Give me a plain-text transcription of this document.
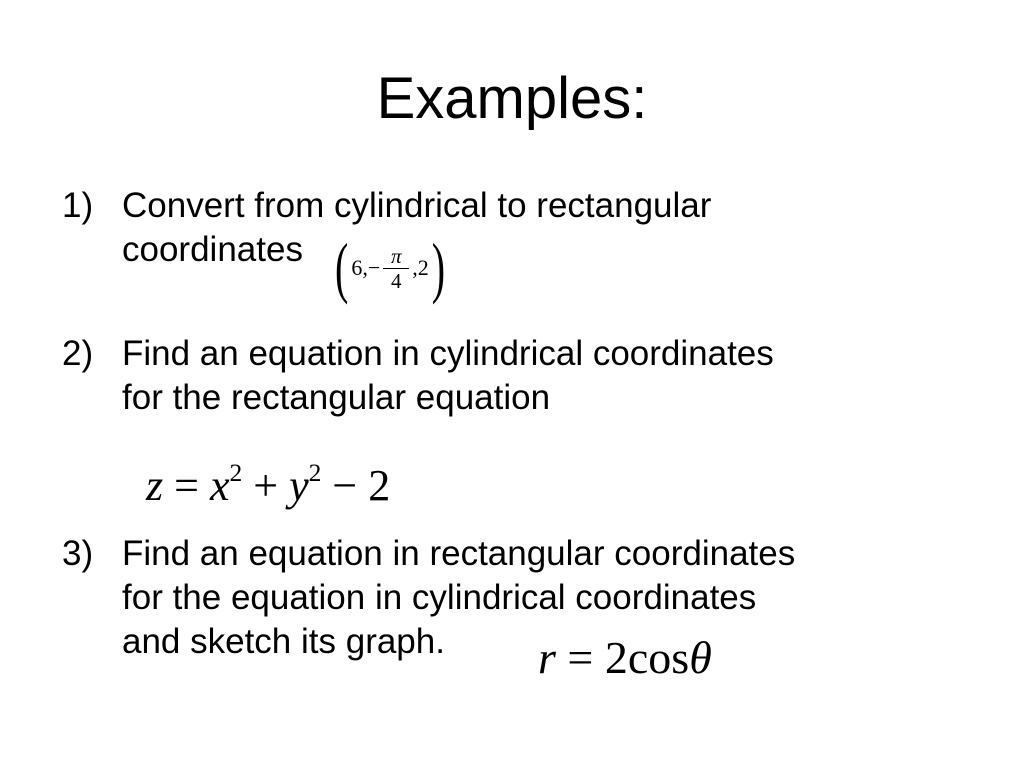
Examples:
1) Convert from cylindrical to rectangular
coordinates ( 6, − $\frac{\pi}{4} ,2$ )
2) Find an equation in cylindrical coordinates
for the rectangular equation
$z = x^2 + y^2 - 2$
3) Find an equation in rectangular coordinates
for the equation in cylindrical coordinates
and sketch its graph. r = 2cosθ
